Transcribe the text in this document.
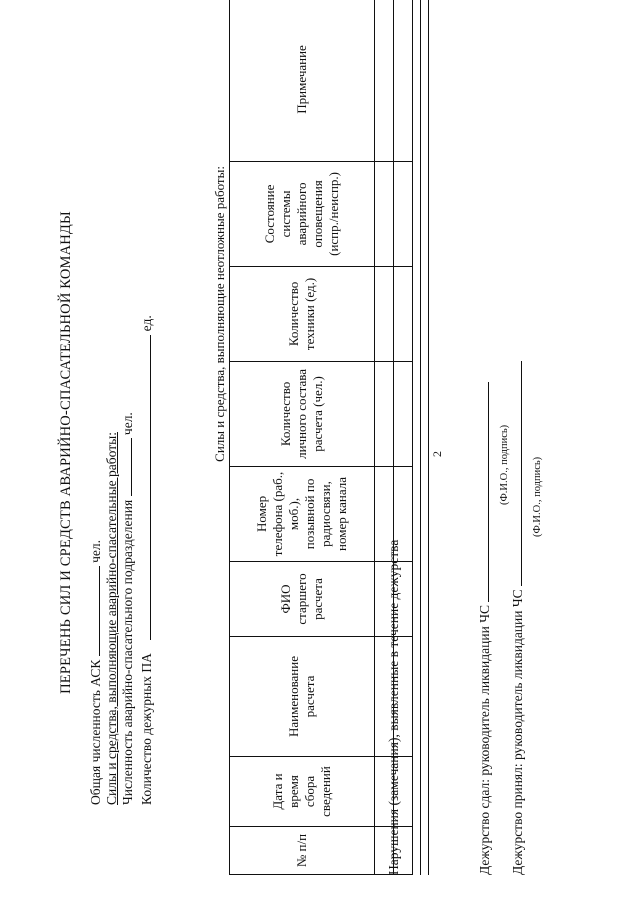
2
ПЕРЕЧЕНЬ СИЛ И СРЕДСТВ АВАРИЙНО-СПАСАТЕЛЬНОЙ КОМАНДЫ
Общая численность АСК  чел. Силы и средства, выполняющие аварийно-спасательные работы: Численность аварийно-спасательного подразделения  чел.
Количество дежурных ПА  ед.
					Силы и средства, выполняющие неотложные работы:			
№ п/п	Дата и время сбора сведений	Наименование расчета	ФИО старшего расчета	Номер телефона (раб., моб.), позывной по радиосвязи, номер канала	Количество личного состава расчета (чел.)	Количество техники (ед.)	Состояние системы аварийного оповещения (испр./неиспр.)	Примечание

Нарушения (замечания), выявленные в течение дежурства	Дежурство сдал: руководитель ликвидации ЧС
(Ф.И.О., подпись)
Дежурство принял: руководитель ликвидации ЧС
(Ф.И.О., подпись)
